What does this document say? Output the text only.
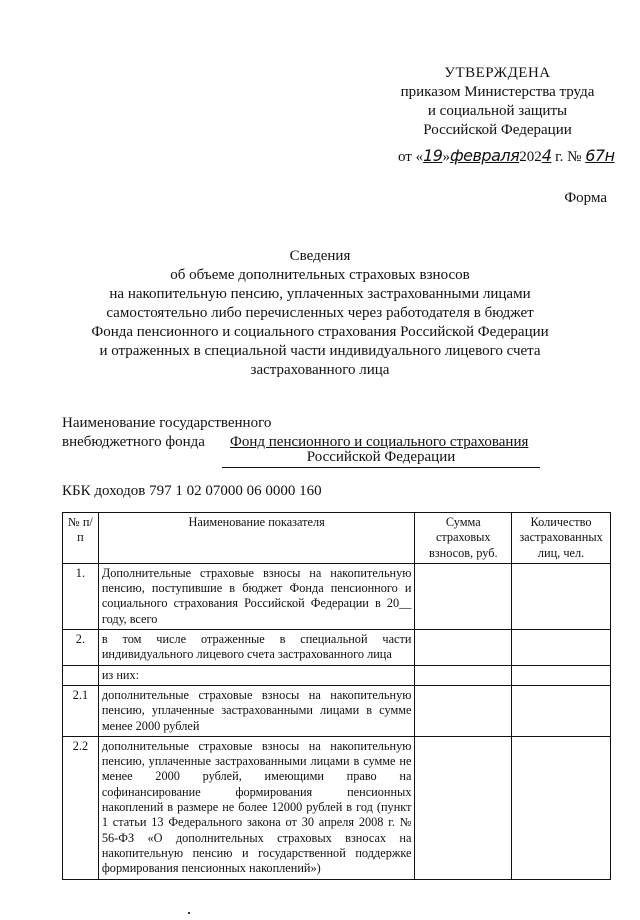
УТВЕРЖДЕНА
приказом Министерства труда
и социальной защиты
Российской Федерации
от «19»февраля2024 г. № 67н
Форма
Сведения
об объеме дополнительных страховых взносов
на накопительную пенсию, уплаченных застрахованными лицами
самостоятельно либо перечисленных через работодателя в бюджет
Фонда пенсионного и социального страхования Российской Федерации
и отраженных в специальной части индивидуального лицевого счета
застрахованного лица
Наименование государственного
внебюджетного фонда	Фонд пенсионного и социального страхования
Российской Федерации
КБК доходов 797 1 02 07000 06 0000 160
№ п/п	Наименование показателя	Сумма страховых взносов, руб.	Количество застрахованных лиц, чел.
1.	Дополнительные страховые взносы на накопительную пенсию, поступившие в бюджет Фонда пенсионного и социального страхования Российской Федерации в 20__ году, всего		
2.	в том числе отраженные в специальной части индивидуального лицевого счета застрахованного лица		
	из них:		
2.1	дополнительные страховые взносы на накопительную пенсию, уплаченные застрахованными лицами в сумме менее 2000 рублей		
2.2	дополнительные страховые взносы на накопительную пенсию, уплаченные застрахованными лицами в сумме не менее 2000 рублей, имеющими право на софинансирование формирования пенсионных накоплений в размере не более 12000 рублей в год (пункт 1 статьи 13 Федерального закона от 30 апреля 2008 г. № 56-ФЗ «О дополнительных страховых взносах на накопительную пенсию и государственной поддержке формирования пенсионных накоплений»)		
